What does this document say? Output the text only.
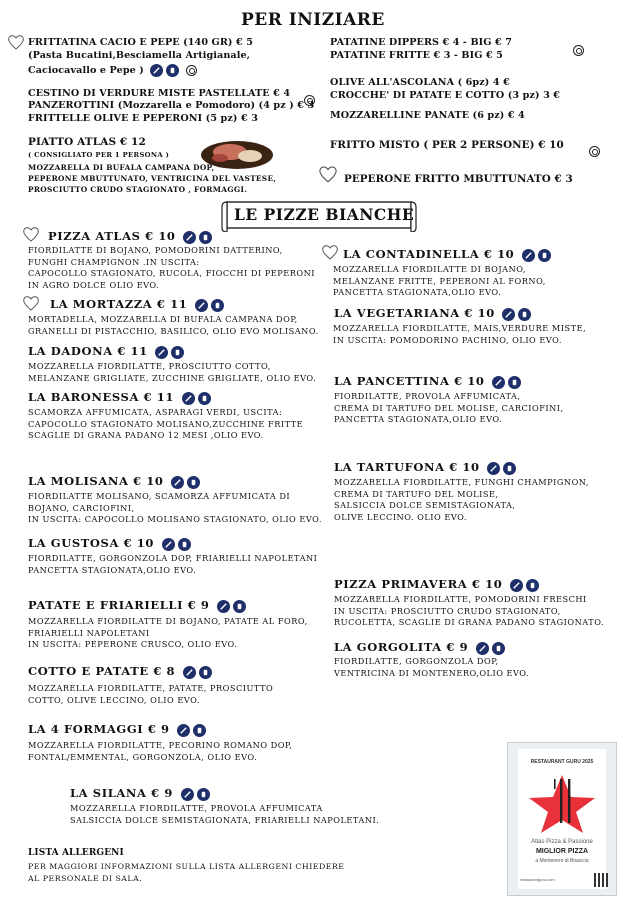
PER INIZIARE
FRITTATINA CACIO E PEPE (140 GR) € 5
(Pasta Bucatini,Besciamella Artigianale,
Caciocavallo e Pepe )

CESTINO DI VERDURE MISTE PASTELLATE € 4

PANZEROTTINI (Mozzarella e Pomodoro) (4 pz ) € 3
FRITTELLE OLIVE E PEPERONI (5 pz) € 3
PIATTO ATLAS € 12
( CONSIGLIATO PER 1 PERSONA )
MOZZARELLA DI BUFALA CAMPANA DOP,
PEPERONE MBUTTUNATO, VENTRICINA DEL VASTESE,
PROSCIUTTO CRUDO STAGIONATO , FORMAGGI.
PATATINE DIPPERS € 4 - BIG € 7

PATATINE FRITTE € 3 - BIG € 5
OLIVE ALL'ASCOLANA ( 6pz) 4 €
CROCCHE' DI PATATE E COTTO (3 pz) 3 €
MOZZARELLINE PANATE (6 pz) € 4
FRITTO MISTO ( PER 2 PERSONE) € 10
PEPERONE FRITTO MBUTTUNATO € 3
LE PIZZE BIANCHE
PIZZA ATLAS € 10
FIORDILATTE DI BOJANO, POMODORINI DATTERINO,
FUNGHI CHAMPIGNON .IN USCITA:
CAPOCOLLO STAGIONATO, RUCOLA, FIOCCHI DI PEPERONI
IN AGRO DOLCE OLIO EVO.
LA MORTAZZA € 11
MORTADELLA, MOZZARELLA DI BUFALA CAMPANA DOP,
GRANELLI DI PISTACCHIO, BASILICO, OLIO EVO MOLISANO.
LA DADONA € 11
MOZZARELLA FIORDILATTE, PROSCIUTTO COTTO,
MELANZANE GRIGLIATE, ZUCCHINE GRIGLIATE, OLIO EVO.
LA BARONESSA € 11
SCAMORZA AFFUMICATA, ASPARAGI VERDI, USCITA:
CAPOCOLLO STAGIONATO MOLISANO,ZUCCHINE FRITTE
SCAGLIE DI GRANA PADANO 12 MESI ,OLIO EVO.
LA MOLISANA € 10
FIORDILATTE MOLISANO, SCAMORZA AFFUMICATA DI
BOJANO, CARCIOFINI,
IN USCITA: CAPOCOLLO MOLISANO STAGIONATO, OLIO EVO.
LA GUSTOSA € 10
FIORDILATTE, GORGONZOLA DOP, FRIARIELLI NAPOLETANI
PANCETTA STAGIONATA,OLIO EVO.
PATATE E FRIARIELLI € 9
MOZZARELLA FIORDILATTE DI BOJANO, PATATE AL FORO,
FRIARIELLI NAPOLETANI
IN USCITA: PEPERONE CRUSCO, OLIO EVO.
COTTO E PATATE € 8
MOZZARELLA FIORDILATTE, PATATE, PROSCIUTTO
COTTO, OLIVE LECCINO, OLIO EVO.
LA 4 FORMAGGI € 9
MOZZARELLA FIORDILATTE, PECORINO ROMANO DOP,
FONTAL/EMMENTAL, GORGONZOLA, OLIO EVO.
LA SILANA € 9
MOZZARELLA FIORDILATTE, PROVOLA AFFUMICATA
SALSICCIA DOLCE SEMISTAGIONATA, FRIARIELLI NAPOLETANI.
LA CONTADINELLA € 10
MOZZARELLA FIORDILATTE DI BOJANO,
MELANZANE FRITTE, PEPERONI AL FORNO,
PANCETTA STAGIONATA,OLIO EVO.
LA VEGETARIANA € 10
MOZZARELLA FIORDILATTE, MAIS,VERDURE MISTE,
IN USCITA: POMODORINO PACHINO, OLIO EVO.
LA PANCETTINA € 10
FIORDILATTE, PROVOLA AFFUMICATA,
CREMA DI TARTUFO DEL MOLISE, CARCIOFINI,
PANCETTA STAGIONATA,OLIO EVO.
LA TARTUFONA € 10
MOZZARELLA FIORDILATTE, FUNGHI CHAMPIGNON,
CREMA DI TARTUFO DEL MOLISE,
SALSICCIA DOLCE SEMISTAGIONATA,
OLIVE LECCINO. OLIO EVO.
PIZZA PRIMAVERA € 10
MOZZARELLA FIORDILATTE, POMODORINI FRESCHI
IN USCITA: PROSCIUTTO CRUDO STAGIONATO,
RUCOLETTA, SCAGLIE DI GRANA PADANO STAGIONATO.
LA GORGOLITA € 9
FIORDILATTE, GORGONZOLA DOP,
VENTRICINA DI MONTENERO,OLIO EVO.
LISTA ALLERGENI
PER MAGGIORI INFORMAZIONI SULLA LISTA ALLERGENI CHIEDERE
AL PERSONALE DI SALA.
RESTAURANT GURU 2025
Atlas Pizza & Passione
MIGLIOR PIZZA
a Montenero di Bisaccia
restaurantguru.com
